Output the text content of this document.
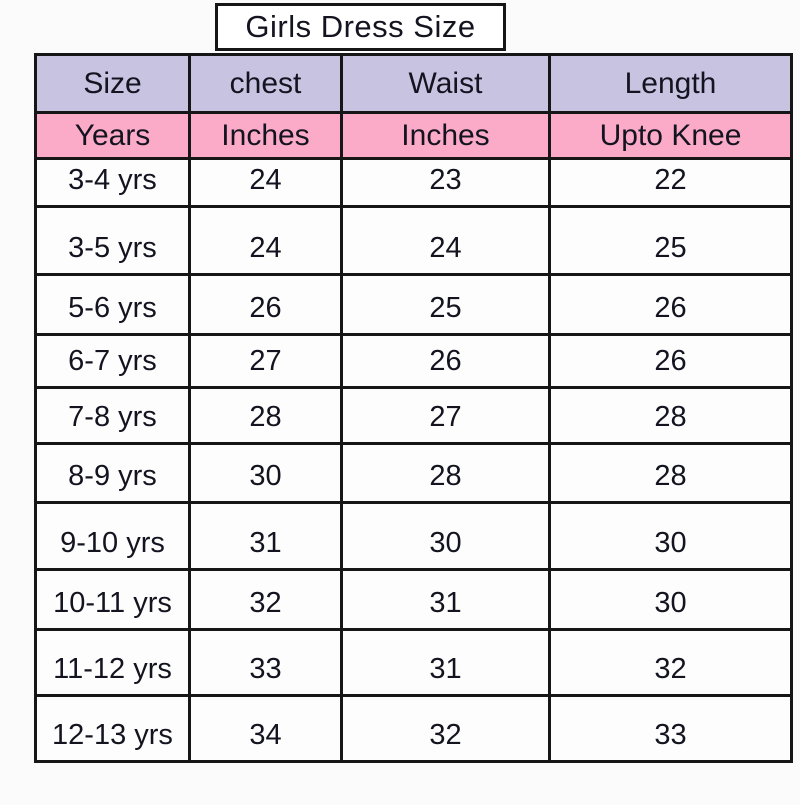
Girls Dress Size
Size	chest	Waist	Length
Years	Inches	Inches	Upto Knee
3-4 yrs	24	23	22
3-5 yrs	24	24	25
5-6 yrs	26	25	26
6-7 yrs	27	26	26
7-8 yrs	28	27	28
8-9 yrs	30	28	28
9-10 yrs	31	30	30
10-11 yrs	32	31	30
11-12 yrs	33	31	32
12-13 yrs	34	32	33
